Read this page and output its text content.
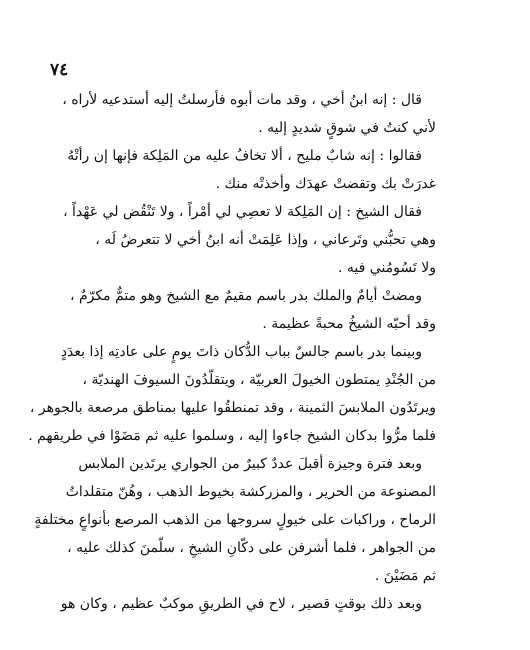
٧٤
قال : إنه ابنُ أخي ، وقد مات أبوه فأرسلتُ إليه أستدعيه لأراه ،
لأني كنتُ في شوقٍ شديدٍ إليه .
فقالوا : إنه شابٌ مليح ، ألا تخافُ عليه من المَلِكة فإنها إن رأتْهُ
غدرَتْ بك وتقضتْ عهدَك وأخذتْه منك .
فقال الشيخ : إن المَلِكة لا تعصِي لي أمْراً ، ولا تَنْقُض لي عَهْداً ،
وهي تحبُّني وتَرعاني ، وإذا عَلِمَتْ أنه ابنُ أخي لا تتعرضُ لَه ،
ولا تَسُومُني فيه .
ومضتْ أيامٌ والملك بدر باسم مقيمٌ مع الشيخ وهو متمٌّ مكرّمٌ ،
وقد أحبّه الشيخُ محبةً عظيمة .
وبينما بدر باسم جالسٌ بباب الدُّكان ذاتَ يومٍ على عادتِه إذا بعدَدٍ
من الجُنْدِ يمتطون الخيولَ العربيّة ، ويتقلّدُونَ السيوفَ الهنديّة ،
ويرتَدُون الملابسَ الثمينة ، وقد تمنطقُوا عليها بمناطق مرصعة بالجوهر ،
فلما مرُّوا بدكان الشيخ جاءوا إليه ، وسلموا عليه ثم مَضَوْا في طريقهم .
وبعد فترة وجيزة أقبلَ عددٌ كبيرٌ من الجواري يرتَدين الملابس
المصنوعة من الحرير ، والمزركشة بخيوط الذهب ، وهُنّ متقلداتُ
الرماح ، وراكبات على خيولٍ سروجها من الذهب المرصع بأنواعٍ مختلفةٍ
من الجواهر ، فلما أشرفن على دكّانِ الشيخِ ، سلّمنَ كذلك عليه ،
ثم مَضَيْنَ .
وبعد ذلك بوقتٍ قصير ، لاح في الطريقِ موكبٌ عظيم ، وكان هو
